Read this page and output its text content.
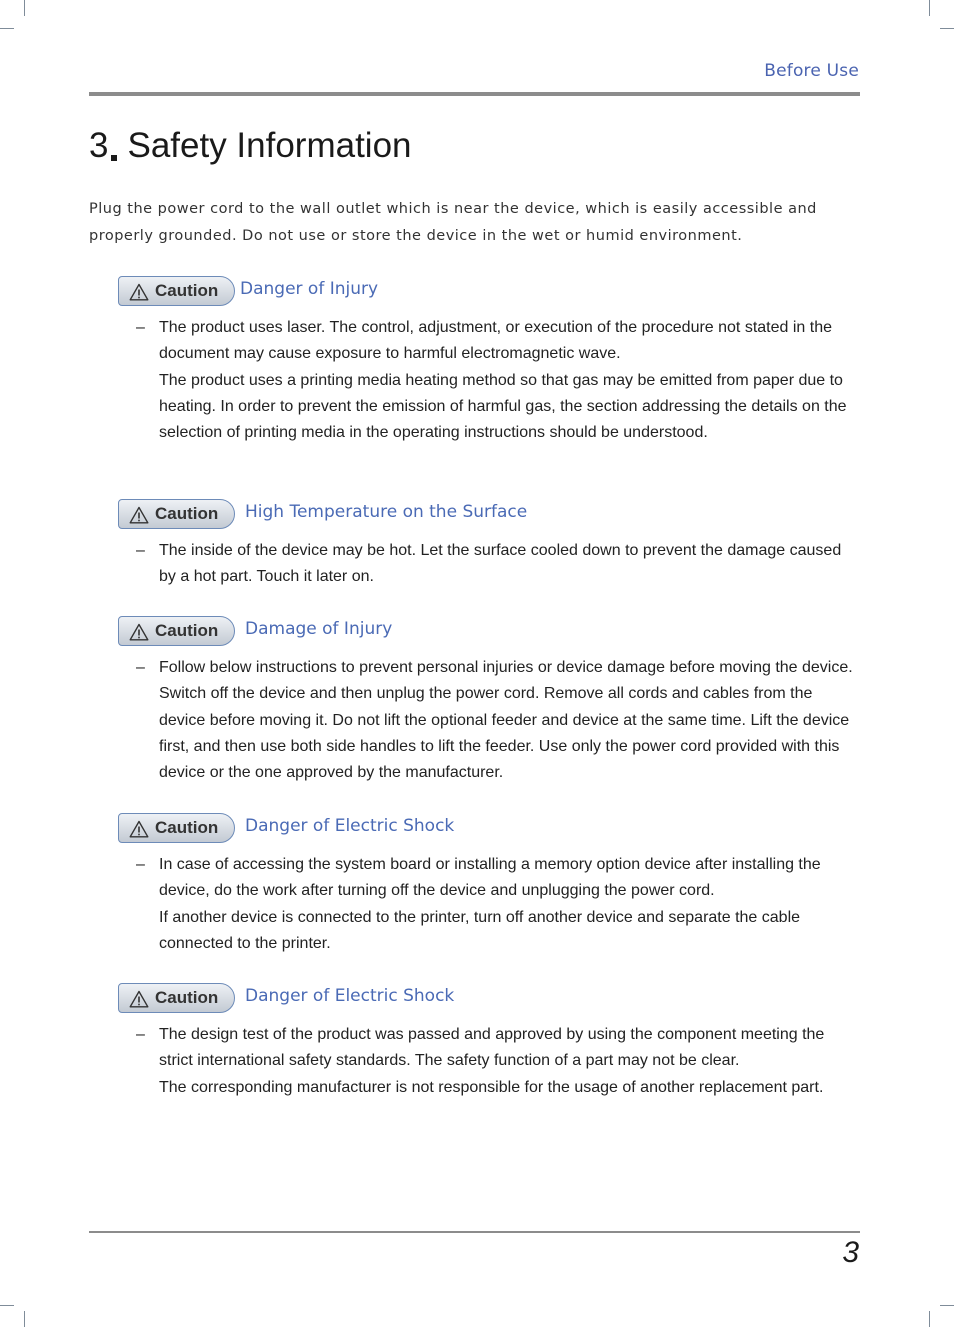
Before Use
3 Safety Information

Plug the power cord to the wall outlet which is near the device, which is easily accessible and properly grounded. Do not use or store the device in the wet or humid environment.

Caution Danger of Injury
– The product uses laser. The control, adjustment, or execution of the procedure not stated in the document may cause exposure to harmful electromagnetic wave.

The product uses a printing media heating method so that gas may be emitted from paper due to heating. In order to prevent the emission of harmful gas, the section addressing the details on the selection of printing media in the operating instructions should be understood.

Caution High Temperature on the Surface
– The inside of the device may be hot. Let the surface cooled down to prevent the damage caused by a hot part. Touch it later on.

Caution Damage of Injury
– Follow below instructions to prevent personal injuries or device damage before moving the device. Switch off the device and then unplug the power cord. Remove all cords and cables from the device before moving it. Do not lift the optional feeder and device at the same time. Lift the device first, and then use both side handles to lift the feeder. Use only the power cord provided with this device or the one approved by the manufacturer.

Caution Danger of Electric Shock
– In case of accessing the system board or installing a memory option device after installing the device, do the work after turning off the device and unplugging the power cord.

If another device is connected to the printer, turn off another device and separate the cable connected to the printer.

Caution Danger of Electric Shock
– The design test of the product was passed and approved by using the component meeting the strict international safety standards. The safety function of a part may not be clear.

The corresponding manufacturer is not responsible for the usage of another replacement part.

3
